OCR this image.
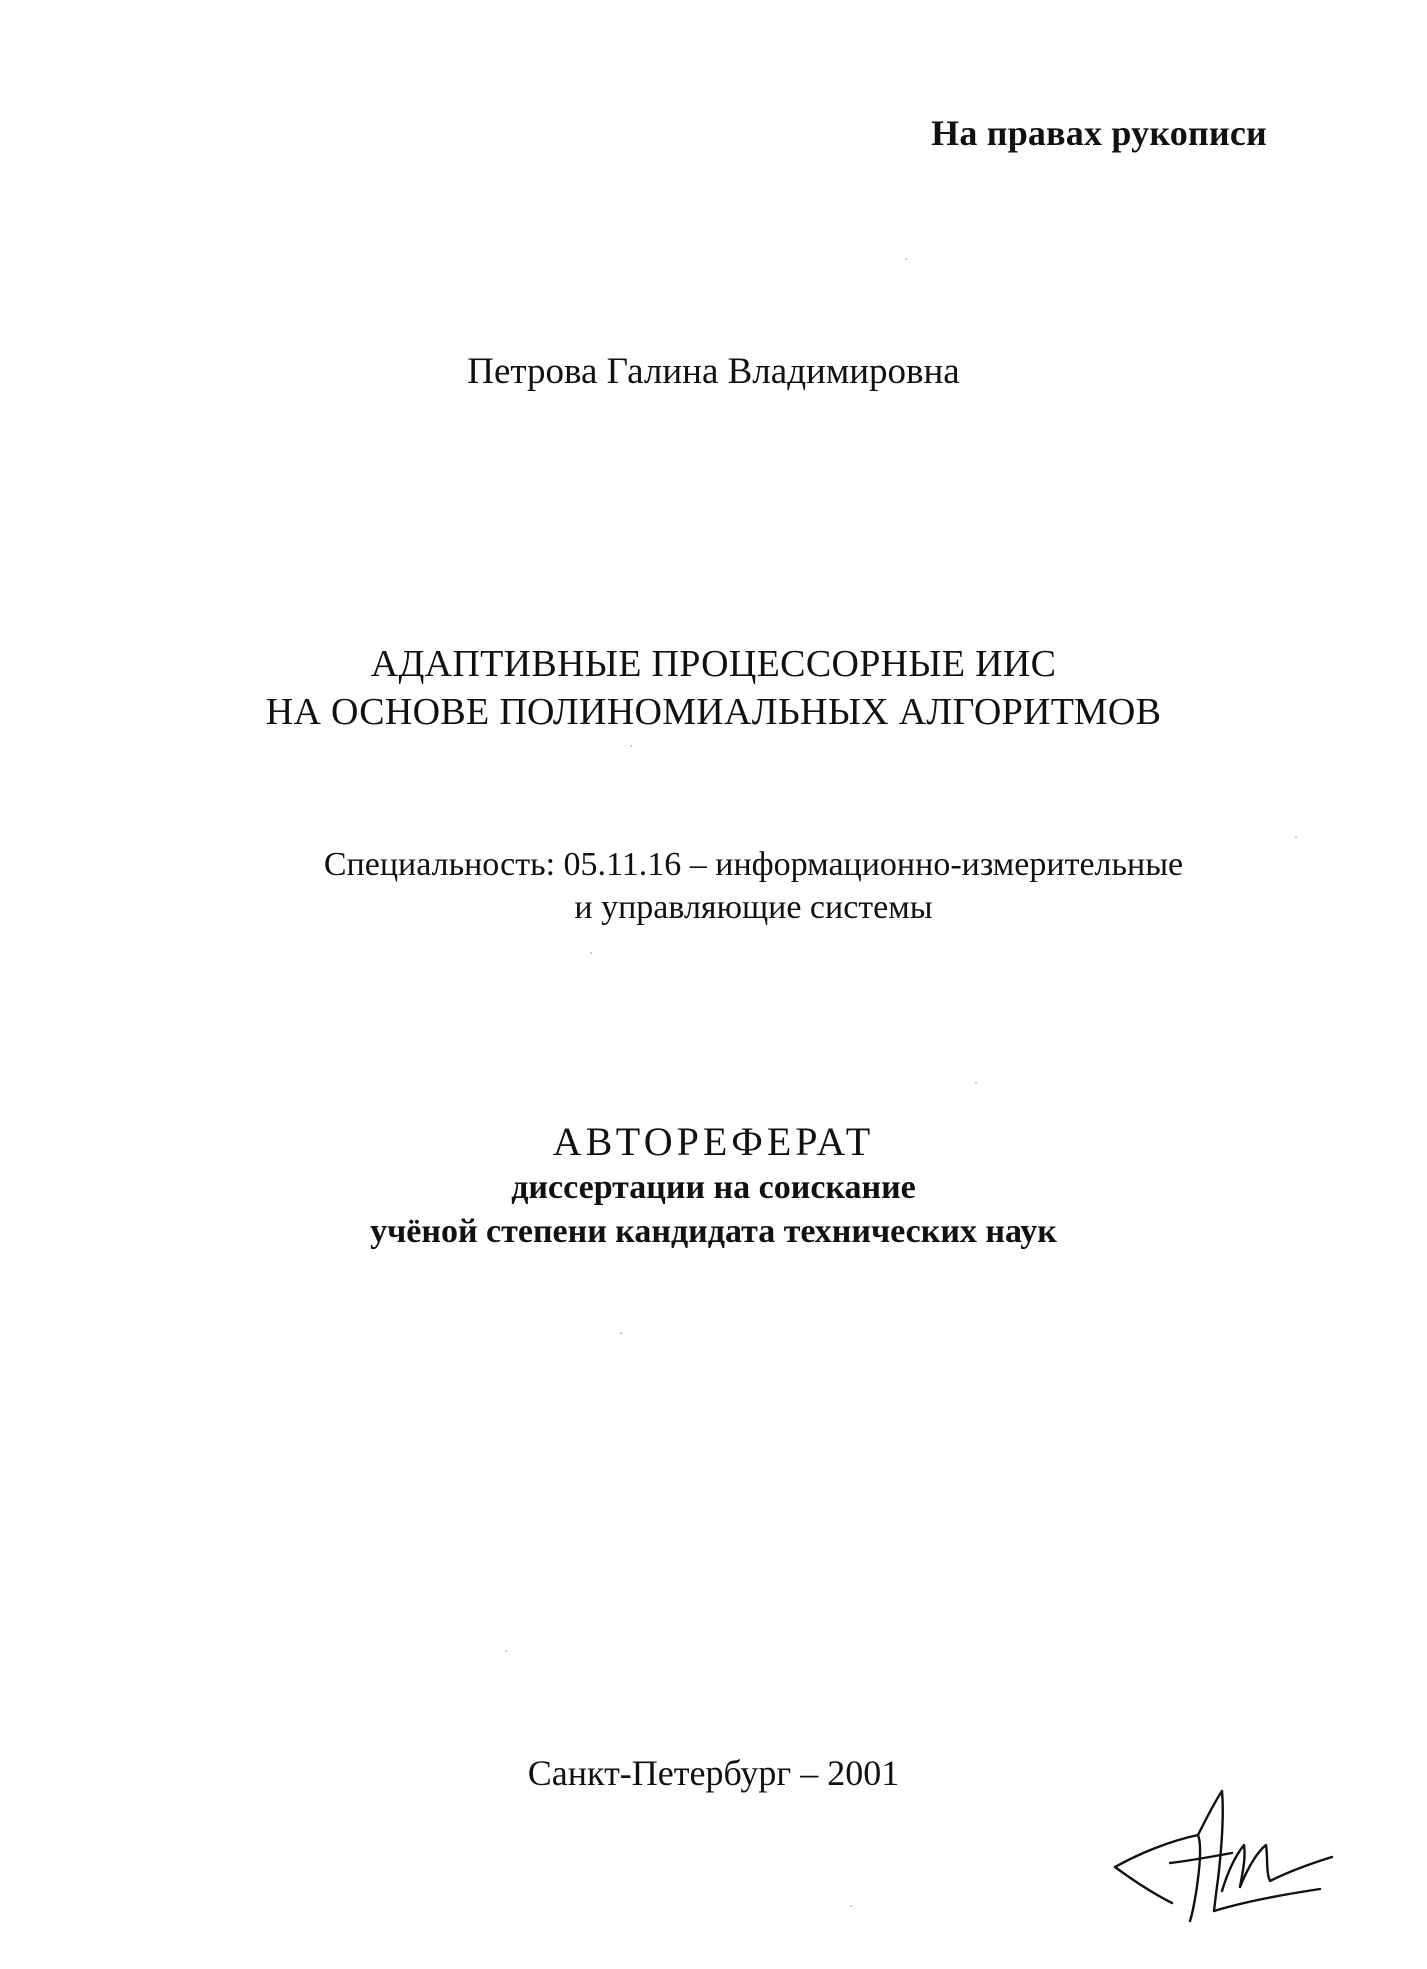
На правах рукописи
Петрова Галина Владимировна
АДАПТИВНЫЕ ПРОЦЕССОРНЫЕ ИИС
НА ОСНОВЕ ПОЛИНОМИАЛЬНЫХ АЛГОРИТМОВ
Специальность: 05.11.16 – информационно-измерительные
и управляющие системы
АВТОРЕФЕРАТ
диссертации на соискание
учёной степени кандидата технических наук
Санкт-Петербург – 2001
